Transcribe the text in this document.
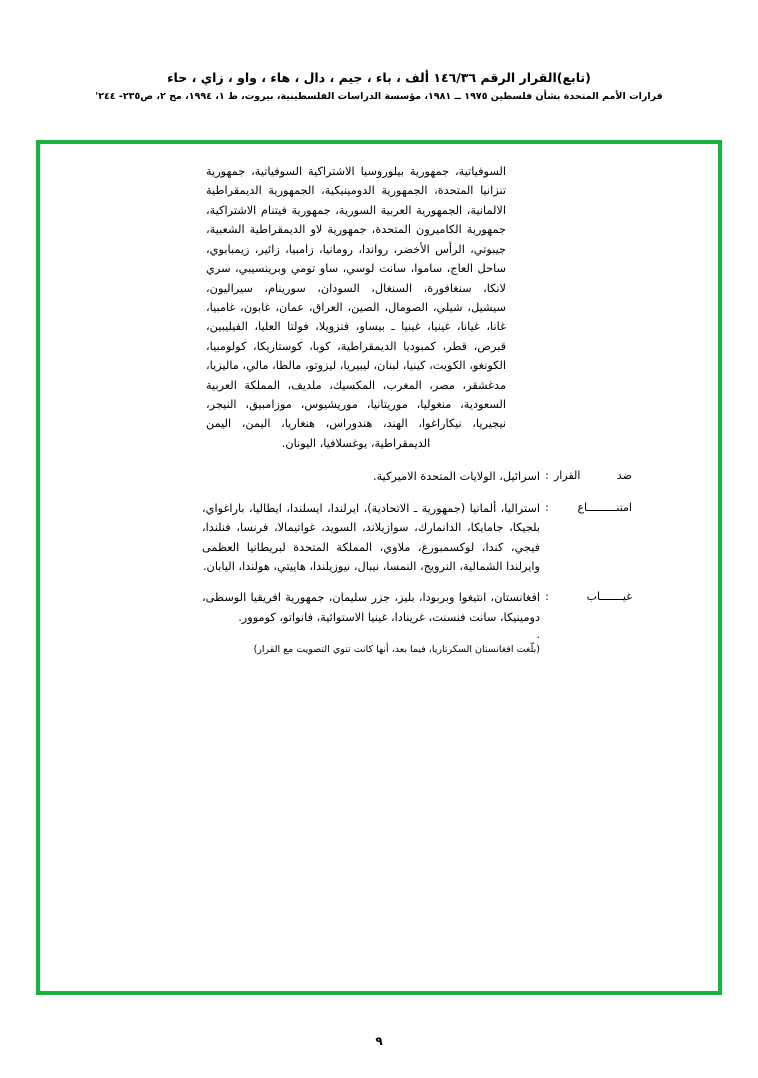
(تابع)القرار الرقم ١٤٦/٣٦ ألف ، باء ، جيم ، دال ، هاء ، واو ، زاي ، حاء
قرارات الأمم المتحدة بشأن فلسطين ١٩٧٥ ــ ١٩٨١، مؤسسة الدراسات الفلسطينية، بيروت، ط ١، ١٩٩٤، مج ٢، ص٢٣٥- ٢٤٤'
السوفياتية، جمهورية بيلوروسيا الاشتراكية السوفياتية، جمهورية تنزانيا المتحدة، الجمهورية الدومينيكية، الجمهورية الديمقراطية الالمانية، الجمهورية العربية السورية، جمهورية فيتنام الاشتراكية، جمهورية الكاميرون المتحدة، جمهورية لاو الديمقراطية الشعبية، جيبوتي، الرأس الأخضر، رواندا، رومانيا، زامبيا، زائير، زيمبابوي، ساحل العاج، ساموا، سانت لوسي، ساو تومي وبرينسيبي، سري لانكا، سنغافورة، السنغال، السودان، سورينام، سيراليون، سيشيل، شيلي، الصومال، الصين، العراق، عمان، غابون، غامبيا، غانا، غيانا، غينيا، غينيا ـ بيساو، فنزويلا، فولتا العليا، الفيليبين، قبرص، قطر، كمبوديا الديمقراطية، كوبا، كوستاريكا، كولومبيا، الكونغو، الكويت، كينيا، لبنان، ليبيريا، ليزوتو، مالطا، مالي، ماليزيا، مدغشقر، مصر، المغرب، المكسيك، ملديف، المملكة العربية السعودية، منغوليا، موريتانيا، موريشيوس، موزامبيق، النيجر، نيجيريا، نيكاراغوا، الهند، هندوراس، هنغاريا، اليمن، اليمن الديمقراطية، يوغسلافيا، اليونان.
ضد القرار
:
اسرائيل، الولايات المتحدة الاميركية.
امتنـــــــــاع
:
استراليا، ألمانيا (جمهورية ـ الاتحادية)، ايرلندا، ايسلندا، ايطاليا، باراغواي، بلجيكا، جامايكا، الدانمارك، سوازيلاند، السويد، غواتيمالا، فرنسا، فنلندا، فيجي، كندا، لوكسمبورغ، ملاوي، المملكة المتحدة لبريطانيا العظمى وايرلندا الشمالية، النرويج، النمسا، نيبال، نيوزيلندا، هاييتي، هولندا، اليابان.
غيـــــــاب
:
افغانستان، انتيغوا وبربودا، بليز، جزر سليمان، جمهورية افريقيا الوسطى، دومينيكا، سانت فنسنت، غرينادا، غينيا الاستوائية، فانواتو، كوموور.
.
(بلّغت افغانستان السكرتاريا، فيما بعد، أنها كانت تنوي التصويت مع القرار)
٩
